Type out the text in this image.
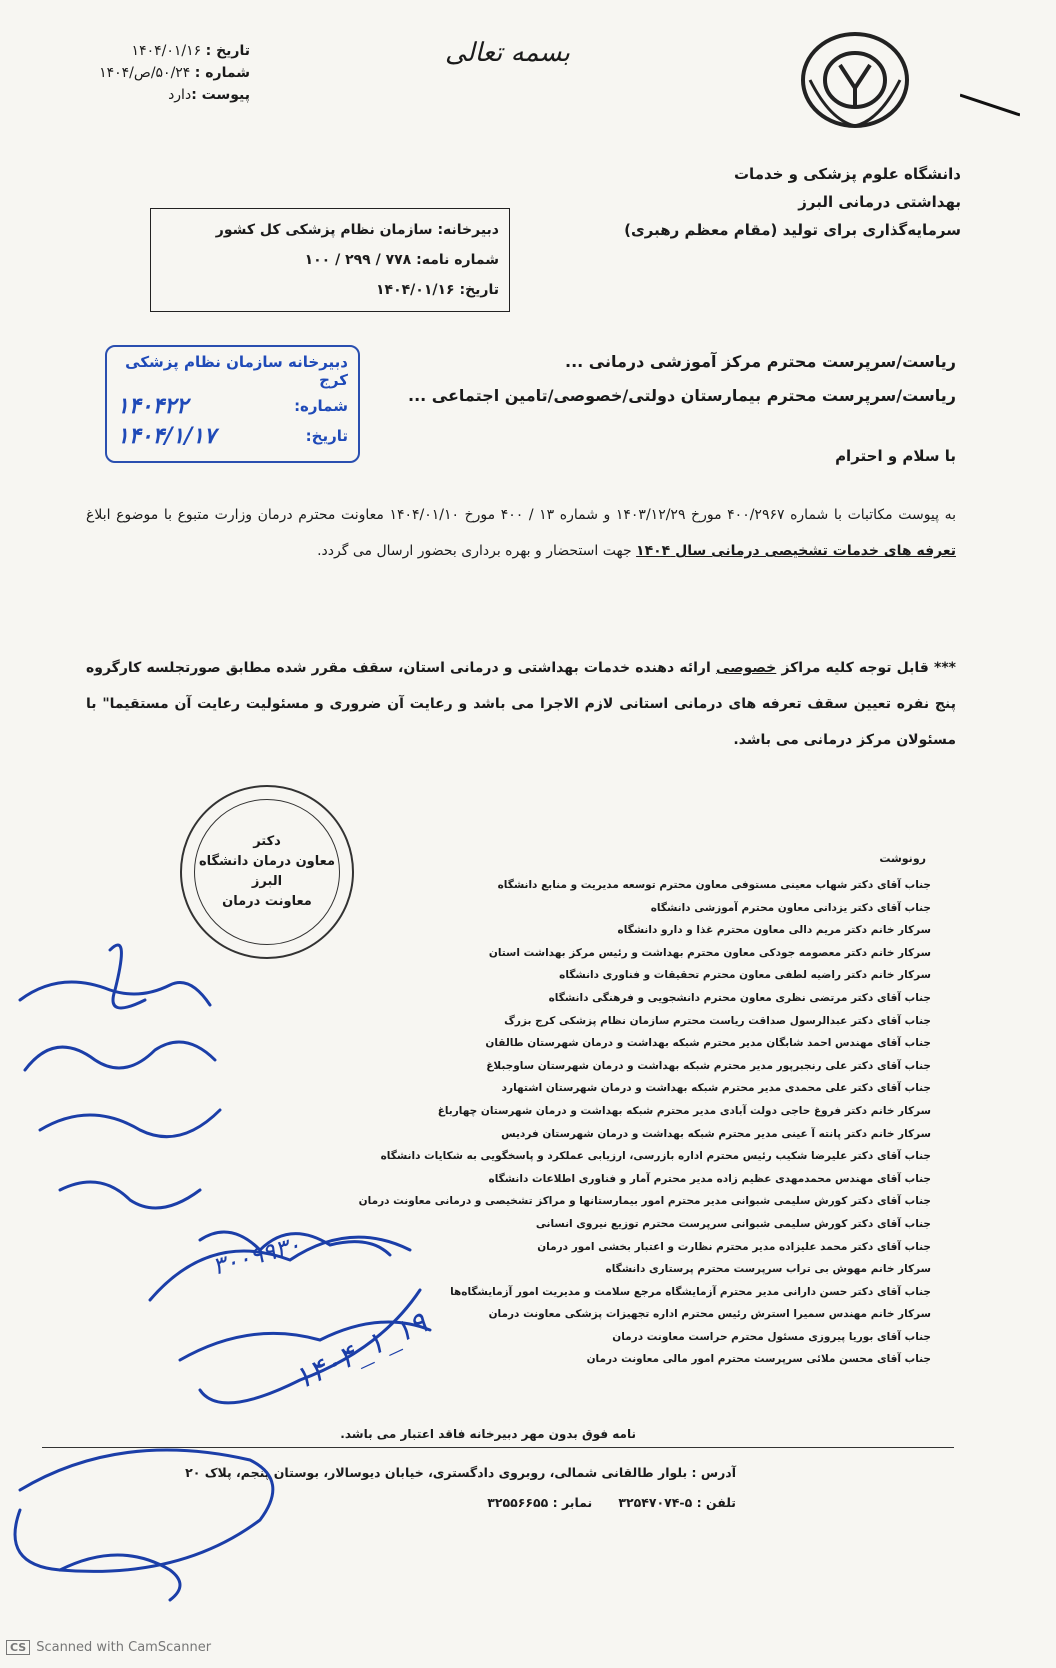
بسمه تعالی
تاریخ : ۱۴۰۴/۰۱/۱۶
شماره : ۵۰/۲۴/ص/۱۴۰۴
پیوست :دارد
دانشگاه علوم پزشکی و خدمات
بهداشتی درمانی البرز
سرمایه‌گذاری برای تولید (مقام معظم رهبری)
دبیرخانه: سازمان نظام پزشکی کل کشور
شماره نامه: ۷۷۸ / ۲۹۹ / ۱۰۰
تاریخ: ۱۴۰۴/۰۱/۱۶
دبیرخانه سازمان نظام پزشکی کرج
شماره:
۱۴۰۴۲۲
تاریخ:
۱۴۰۴/۱/۱۷
ریاست/سرپرست محترم مرکز آموزشی درمانی ...
ریاست/سرپرست محترم بیمارستان دولتی/خصوصی/تامین اجتماعی ...
با سلام و احترام
به پیوست مکاتبات با شماره ۴۰۰/۲۹۶۷ مورخ ۱۴۰۳/۱۲/۲۹ و شماره ۱۳ / ۴۰۰ مورخ ۱۴۰۴/۰۱/۱۰ معاونت محترم درمان وزارت متبوع با موضوع ابلاغ تعرفه های خدمات تشخیصی درمانی سال ۱۴۰۴ جهت استحضار و بهره برداری بحضور ارسال می گردد.
*** قابل توجه کلیه مراکز خصوصی ارائه دهنده خدمات بهداشتی و درمانی استان، سقف مقرر شده مطابق صورتجلسه کارگروه پنج نفره تعیین سقف تعرفه های درمانی استانی لازم الاجرا می باشد و رعایت آن ضروری و مسئولیت رعایت آن مستقیما" با مسئولان مرکز درمانی می باشد.
دکتر
معاون درمان دانشگاه
البرز
معاونت درمان
رونوشت
جناب آقای دکتر شهاب معینی مستوفی معاون محترم توسعه مدیریت و منابع دانشگاه
جناب آقای دکتر یزدانی معاون محترم آموزشی دانشگاه
سرکار خانم دکتر مریم دالی معاون محترم غذا و دارو دانشگاه
سرکار خانم دکتر معصومه جودکی معاون محترم بهداشت و رئیس مرکز بهداشت استان
سرکار خانم دکتر راضیه لطفی معاون محترم تحقیقات و فناوری دانشگاه
جناب آقای دکتر مرتضی نظری معاون محترم دانشجویی و فرهنگی دانشگاه
جناب آقای دکتر عبدالرسول صداقت ریاست محترم سازمان نظام پزشکی کرج بزرگ
جناب آقای مهندس احمد شابگان مدیر محترم شبکه بهداشت و درمان شهرستان طالقان
جناب آقای دکتر علی رنجبرپور مدیر محترم شبکه بهداشت و درمان شهرستان ساوجبلاغ
جناب آقای دکتر علی محمدی مدیر محترم شبکه بهداشت و درمان شهرستان اشتهارد
سرکار خانم دکتر فروغ حاجی دولت آبادی مدیر محترم شبکه بهداشت و درمان شهرستان چهارباغ
سرکار خانم دکتر پانته آ عینی مدیر محترم شبکه بهداشت و درمان شهرستان فردیس
جناب آقای دکتر علیرضا شکیب رئیس محترم اداره بازرسی، ارزیابی عملکرد و پاسخگویی به شکایات دانشگاه
جناب آقای مهندس محمدمهدی عظیم زاده مدیر محترم آمار و فناوری اطلاعات دانشگاه
جناب آقای دکتر کورش سلیمی شبوانی مدیر محترم امور بیمارستانها و مراکز تشخیصی و درمانی معاونت درمان
جناب آقای دکتر کورش سلیمی شبوانی سرپرست محترم توزیع نیروی انسانی
جناب آقای دکتر محمد علیزاده مدیر محترم نظارت و اعتبار بخشی امور درمان
سرکار خانم مهوش بی تراب سرپرست محترم پرستاری دانشگاه
جناب آقای دکتر حسن دارانی مدیر محترم آزمایشگاه مرجع سلامت و مدیریت امور آزمایشگاه‌ها
سرکار خانم مهندس سمیرا استرش رئیس محترم اداره تجهیزات پزشکی معاونت درمان
جناب آقای بوریا پیروزی مسئول محترم حراست معاونت درمان
جناب آقای محسن ملائی سرپرست محترم امور مالی معاونت درمان
نامه فوق بدون مهر دبیرخانه فاقد اعتبار می باشد.
آدرس : بلوار طالقانی شمالی، روبروی دادگستری، خیابان دیوسالار، بوستان پنجم، پلاک ۲۰
تلفن : ۵-۳۲۵۴۷۰۷۴      نمابر : ۳۲۵۵۶۶۵۵
۱۴۰۴_۱_۱۹
۳۰۰۹۹۳۰
CS Scanned with CamScanner
